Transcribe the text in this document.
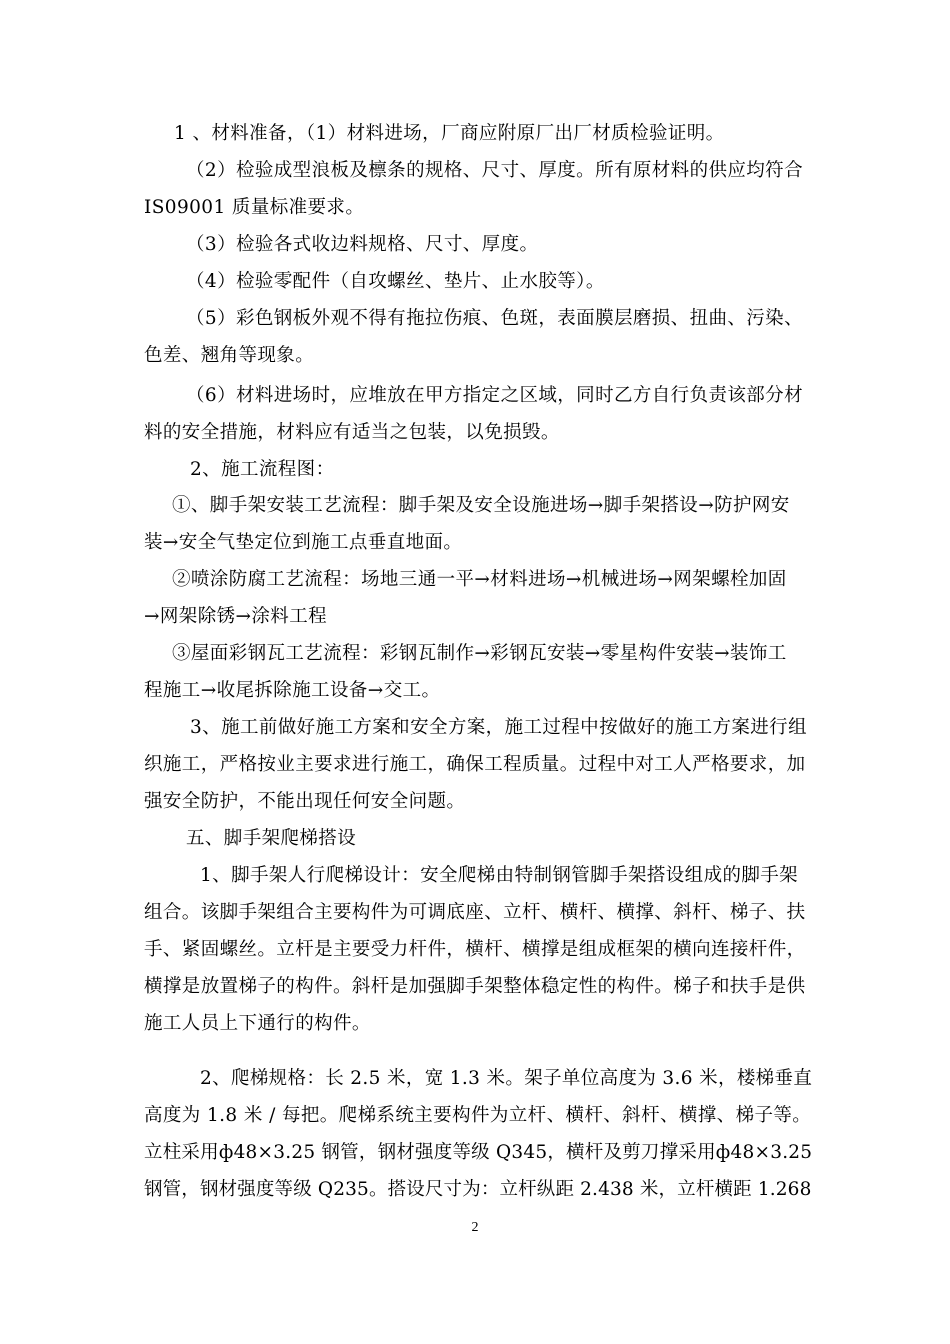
1 、材料准备，（1）材料进场，厂商应附原厂出厂材质检验证明。
（2）检验成型浪板及檩条的规格、尺寸、厚度。所有原材料的供应均符合
IS09001 质量标准要求。
（3）检验各式收边料规格、尺寸、厚度。
（4）检验零配件（自攻螺丝、垫片、止水胶等）。
（5）彩色钢板外观不得有拖拉伤痕、色斑，表面膜层磨损、扭曲、污染、
色差、翘角等现象。
（6）材料进场时，应堆放在甲方指定之区域，同时乙方自行负责该部分材
料的安全措施，材料应有适当之包装，以免损毁。
2、施工流程图：
①、脚手架安装工艺流程：脚手架及安全设施进场→脚手架搭设→防护网安
装→安全气垫定位到施工点垂直地面。
②喷涂防腐工艺流程：场地三通一平→材料进场→机械进场→网架螺栓加固
→网架除锈→涂料工程
③屋面彩钢瓦工艺流程：彩钢瓦制作→彩钢瓦安装→零星构件安装→装饰工
程施工→收尾拆除施工设备→交工。
3、施工前做好施工方案和安全方案，施工过程中按做好的施工方案进行组
织施工，严格按业主要求进行施工，确保工程质量。过程中对工人严格要求，加
强安全防护，不能出现任何安全问题。
五、脚手架爬梯搭设
1、脚手架人行爬梯设计：安全爬梯由特制钢管脚手架搭设组成的脚手架
组合。该脚手架组合主要构件为可调底座、立杆、横杆、横撑、斜杆、梯子、扶
手、紧固螺丝。立杆是主要受力杆件，横杆、横撑是组成框架的横向连接杆件，
横撑是放置梯子的构件。斜杆是加强脚手架整体稳定性的构件。梯子和扶手是供
施工人员上下通行的构件。
2、爬梯规格：长 2.5 米，宽 1.3 米。架子单位高度为 3.6 米，楼梯垂直
高度为 1.8 米 / 每把。爬梯系统主要构件为立杆、横杆、斜杆、横撑、梯子等。
立柱采用ф48×3.25 钢管，钢材强度等级 Q345，横杆及剪刀撑采用ф48×3.25
钢管，钢材强度等级 Q235。搭设尺寸为：立杆纵距 2.438 米，立杆横距 1.268
2
